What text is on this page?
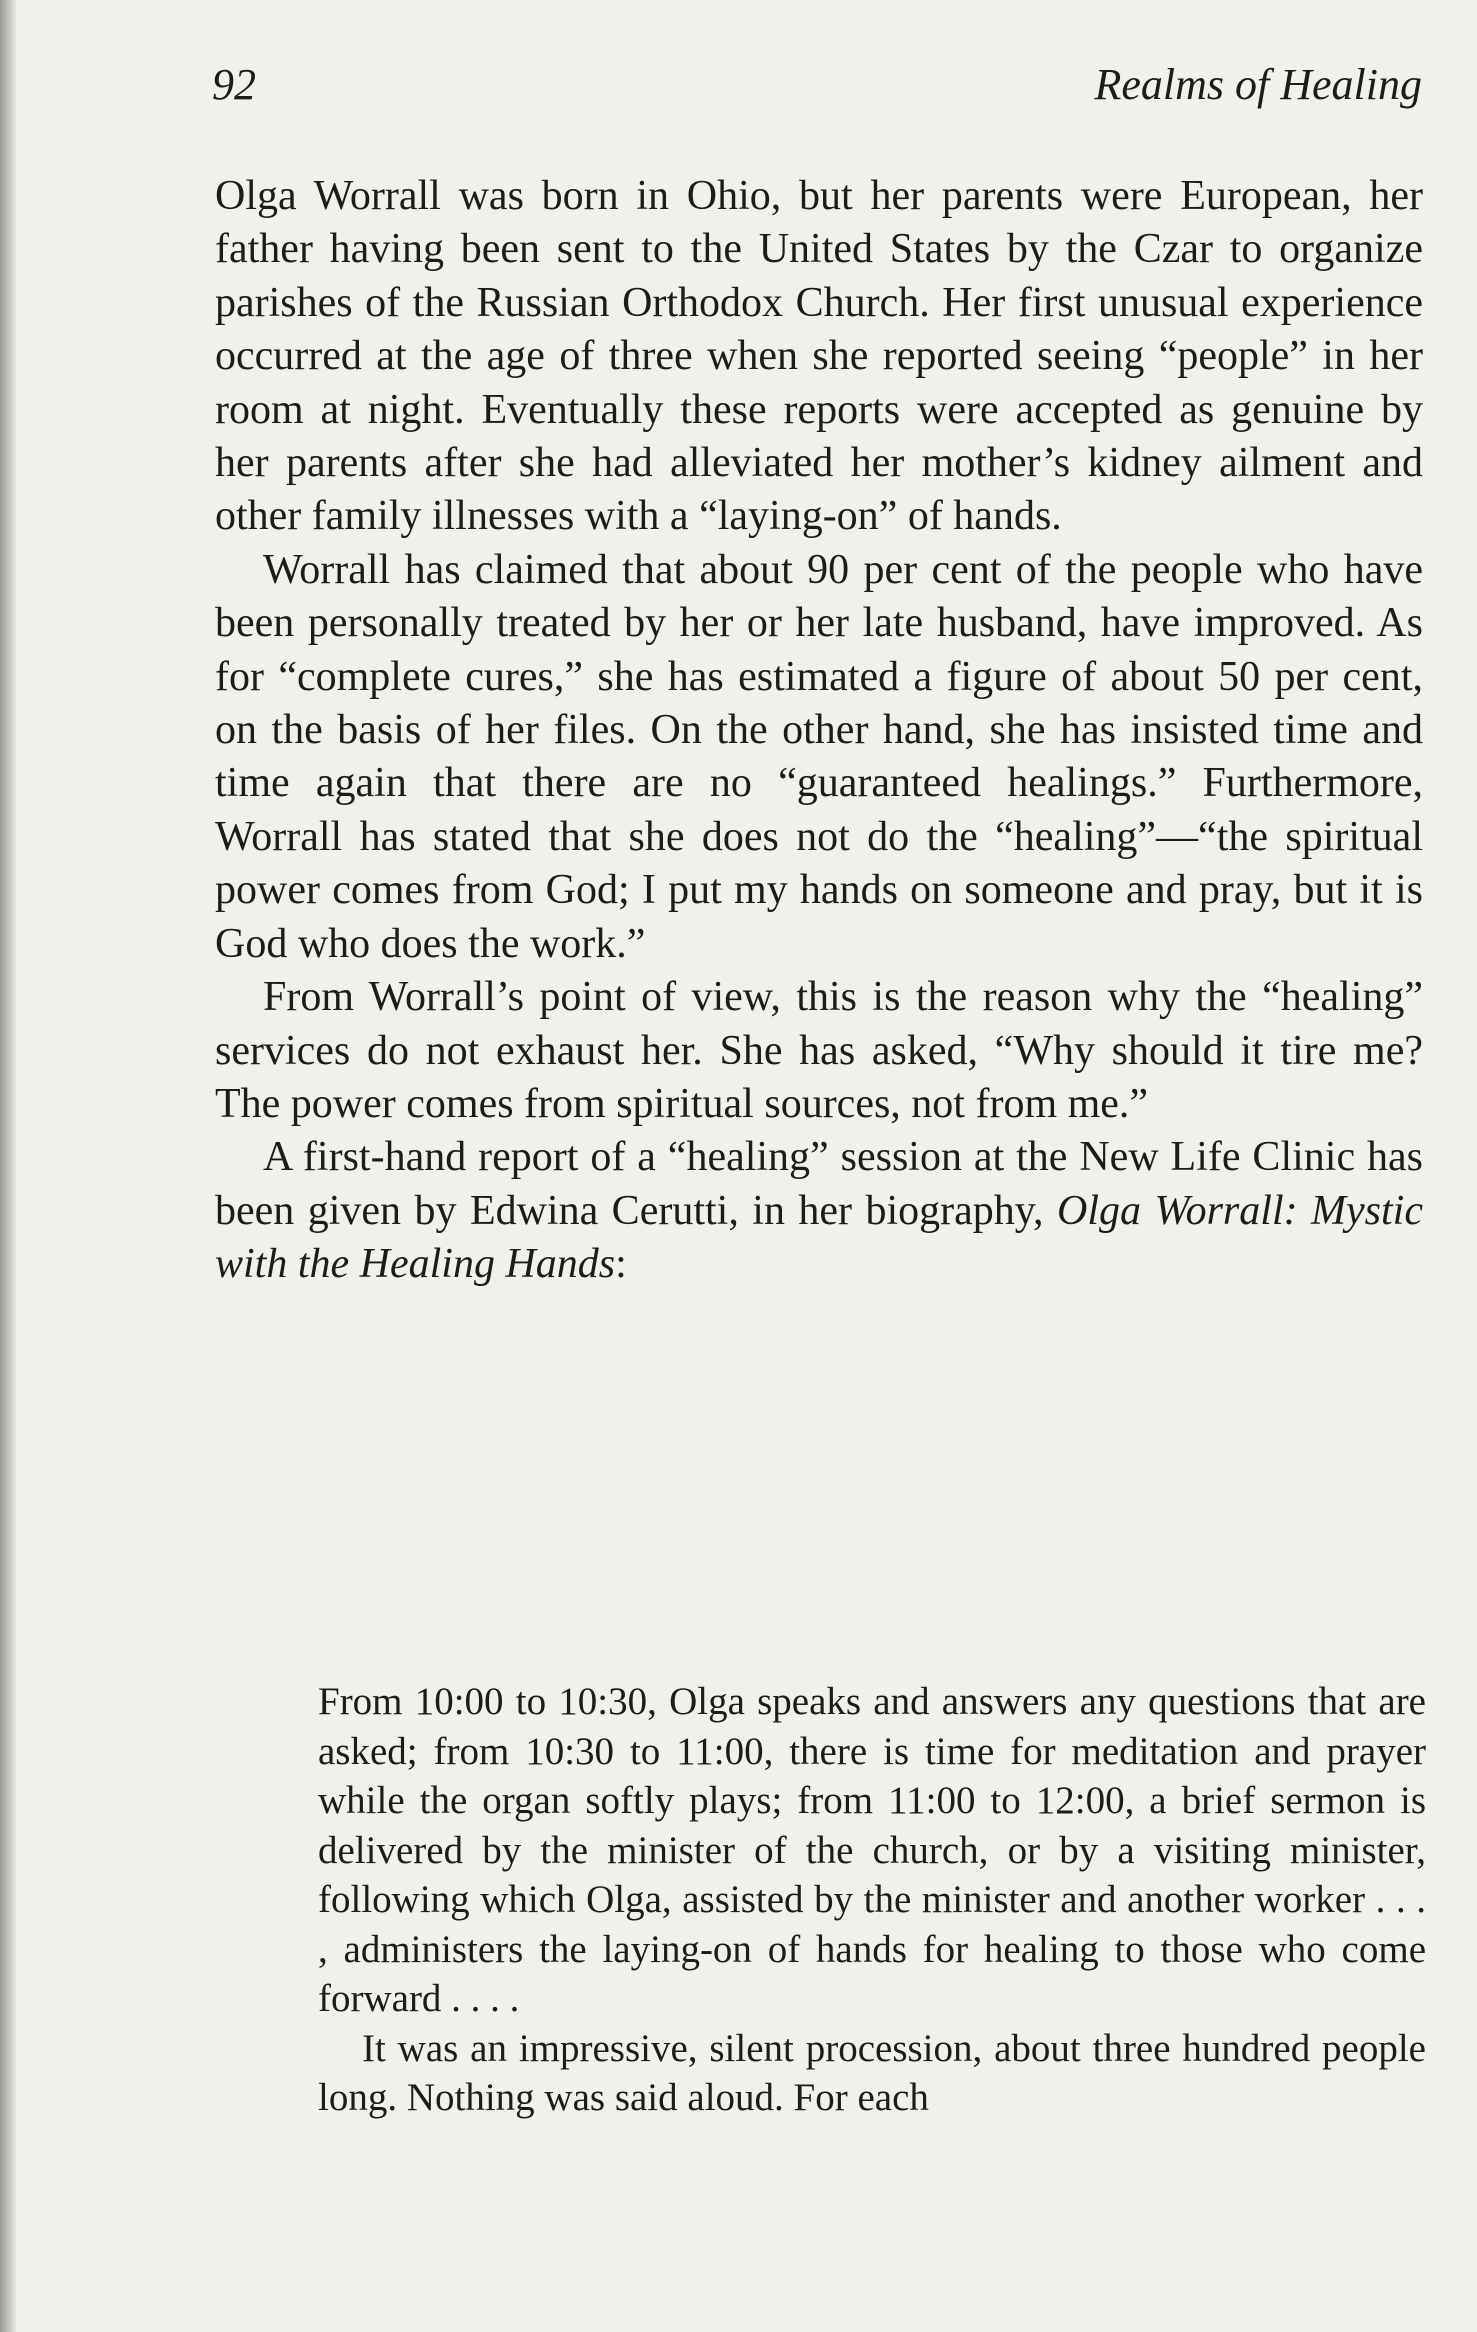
92	Realms of Healing

Olga Worrall was born in Ohio, but her parents were European, her father having been sent to the United States by the Czar to organize parishes of the Russian Orthodox Church. Her first unusual experience occurred at the age of three when she reported seeing “people” in her room at night. Eventually these reports were accepted as genuine by her parents after she had alleviated her mother’s kidney ailment and other family illnesses with a “laying-on” of hands.

Worrall has claimed that about 90 per cent of the people who have been personally treated by her or her late husband, have improved. As for “complete cures,” she has estimated a figure of about 50 per cent, on the basis of her files. On the other hand, she has insisted time and time again that there are no “guaranteed healings.” Furthermore, Worrall has stated that she does not do the “healing”—“the spiritual power comes from God; I put my hands on someone and pray, but it is God who does the work.”

From Worrall’s point of view, this is the reason why the “healing” services do not exhaust her. She has asked, “Why should it tire me? The power comes from spiritual sources, not from me.”

A first-hand report of a “healing” session at the New Life Clinic has been given by Edwina Cerutti, in her biography, Olga Worrall: Mystic with the Healing Hands:

From 10:00 to 10:30, Olga speaks and answers any questions that are asked; from 10:30 to 11:00, there is time for meditation and prayer while the organ softly plays; from 11:00 to 12:00, a brief sermon is delivered by the minister of the church, or by a visiting minister, following which Olga, assisted by the minister and another worker . . . , administers the laying-on of hands for healing to those who come forward . . . .

It was an impressive, silent procession, about three hundred people long. Nothing was said aloud. For each
